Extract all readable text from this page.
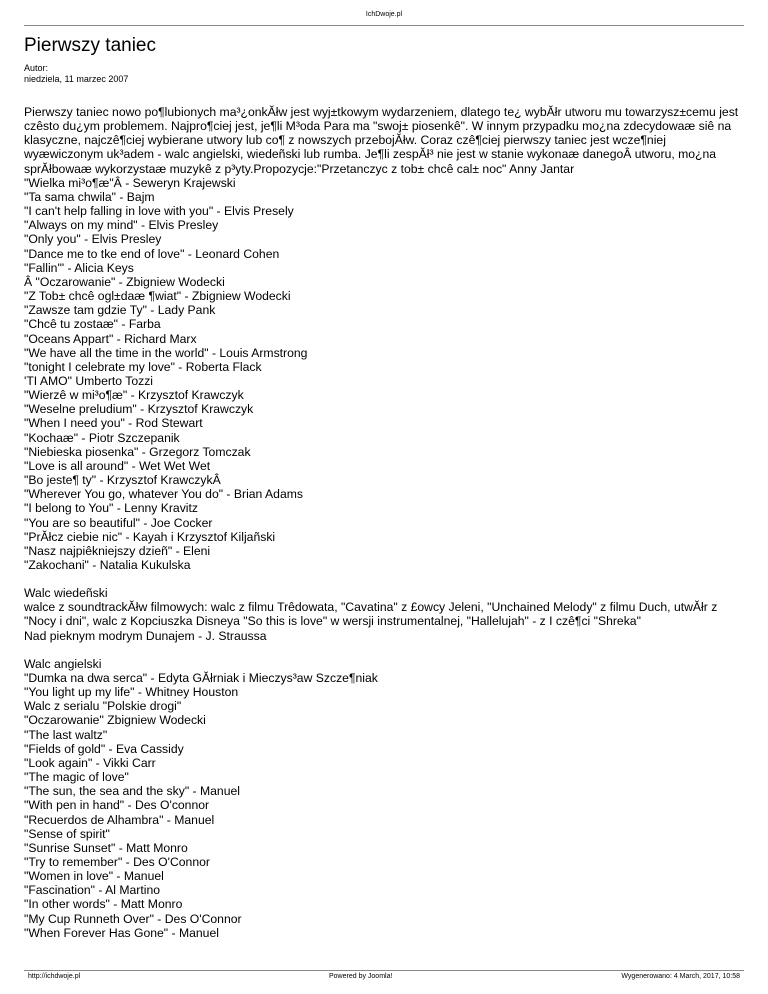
IchDwoje.pl
Pierwszy taniec
Autor:
niedziela, 11 marzec 2007
Pierwszy taniec nowo po¶lubionych ma³¿onkĂłw jest wyj±tkowym wydarzeniem, dlatego te¿ wybĂłr utworu mu towarzysz±cemu jest czêsto du¿ym problemem. Najpro¶ciej jest, je¶li M³oda Para ma "swoj± piosenkê". W innym przypadku mo¿na zdecydowaæ siê na klasyczne, najczê¶ciej wybierane utwory lub co¶ z nowszych przebojĂłw. Coraz czê¶ciej pierwszy taniec jest wcze¶niej wyæwiczonym uk³adem - walc angielski, wiedeñski lub rumba. Je¶li zespĂł³ nie jest w stanie wykonaæ danegoÂ utworu, mo¿na sprĂłbowaæ wykorzystaæ muzykê z p³yty.Propozycje:"Przetanczyc z tob± chcê cal± noc" Anny Jantar
"Wielka mi³o¶æ"Â - Seweryn Krajewski
"Ta sama chwila" - Bajm
"I can't help falling in love with you" - Elvis Presely
"Always on my mind" - Elvis Presley
"Only you" - Elvis Presley
"Dance me to tke end of love" - Leonard Cohen
"Fallin'" - Alicia Keys
Â "Oczarowanie" - Zbigniew Wodecki
"Z Tob± chcê ogl±daæ ¶wiat" - Zbigniew Wodecki
"Zawsze tam gdzie Ty" - Lady Pank
"Chcê tu zostaæ" - Farba
"Oceans Appart" - Richard Marx
"We have all the time in the world" - Louis Armstrong
"tonight I celebrate my love" - Roberta Flack
'TI AMO" Umberto Tozzi
"Wierzê w mi³o¶æ" - Krzysztof Krawczyk
"Weselne preludium" - Krzysztof Krawczyk
"When I need you" - Rod Stewart
"Kochaæ" - Piotr Szczepanik
"Niebieska piosenka" - Grzegorz Tomczak
"Love is all around" - Wet Wet Wet
"Bo jeste¶ ty" - Krzysztof KrawczykÂ
"Wherever You go, whatever You do" - Brian Adams
"I belong to You" - Lenny Kravitz
"You are so beautiful" - Joe Cocker
"PrĂłcz ciebie nic" - Kayah i Krzysztof Kiljañski
"Nasz najpiêkniejszy dzieñ" - Eleni
"Zakochani" - Natalia Kukulska
Walc wiedeñski
walce z soundtrackĂłw filmowych: walc z filmu Trêdowata, "Cavatina" z £owcy Jeleni, "Unchained Melody" z filmu Duch, utwĂłr z "Nocy i dni", walc z Kopciuszka Disneya "So this is love" w wersji instrumentalnej, "Hallelujah" - z I czê¶ci "Shreka"
Nad pieknym modrym Dunajem - J. Straussa
Walc angielski
"Dumka na dwa serca" - Edyta GĂłrniak i Mieczys³aw Szcze¶niak
"You light up my life" - Whitney Houston
Walc z serialu "Polskie drogi"
"Oczarowanie" Zbigniew Wodecki
"The last waltz"
"Fields of gold" - Eva Cassidy
"Look again" - Vikki Carr
"The magic of love"
"The sun, the sea and the sky" - Manuel
"With pen in hand" - Des O'connor
"Recuerdos de Alhambra" - Manuel
"Sense of spirit"
"Sunrise Sunset" - Matt Monro
"Try to remember" - Des O'Connor
"Women in love" - Manuel
"Fascination" - Al Martino
"In other words" - Matt Monro
"My Cup Runneth Over" - Des O'Connor
"When Forever Has Gone" - Manuel
http://ichdwoje.pl	Powered by Joomla!	Wygenerowano: 4 March, 2017, 10:58
